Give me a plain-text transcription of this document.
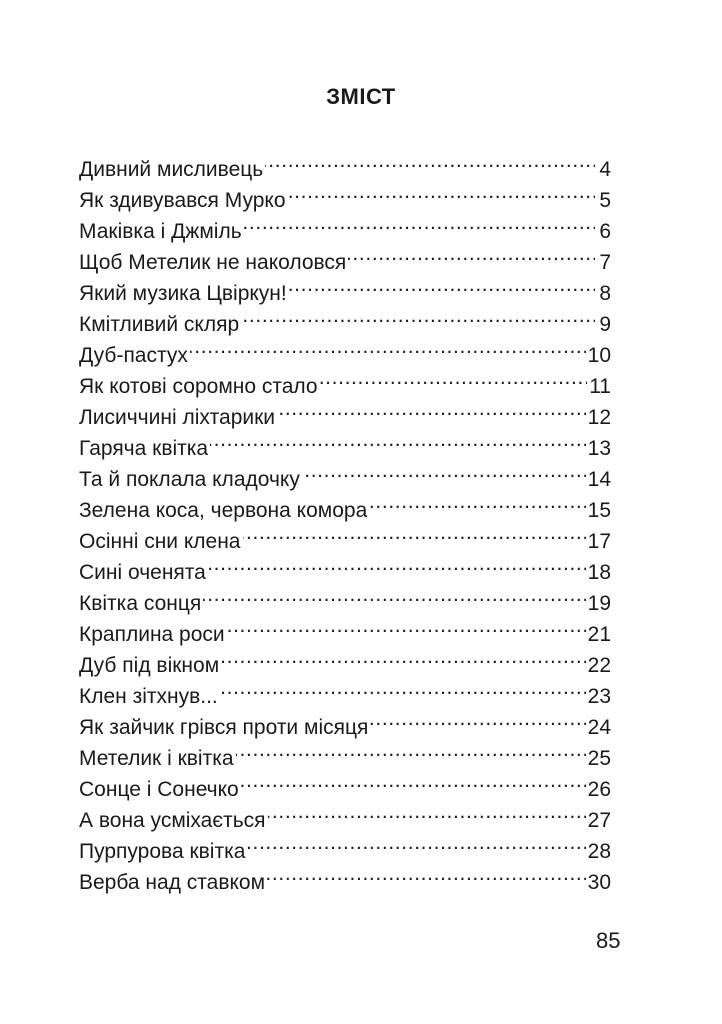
ЗМІСТ
Дивний мисливець . . .	4
Як здивувався Мурко . . .	5
Маківка і Джміль . . .	6
Щоб Метелик не наколовся . . .	7
Який музика Цвіркун! . . .	8
Кмітливий скляр . . .	9
Дуб-пастух . . .	10
Як котові соромно стало . . .	11
Лисиччині ліхтарики . . .	12
Гаряча квітка . . .	13
Та й поклала кладочку . . .	14
Зелена коса, червона комора . . .	15
Осінні сни клена . . .	17
Сині оченята . . .	18
Квітка сонця . . .	19
Краплина роси . . .	21
Дуб під вікном . . .	22
Клен зітхнув... . . .	23
Як зайчик грівся проти місяця . . .	24
Метелик і квітка . . .	25
Сонце і Сонечко . . .	26
А вона усміхається . . .	27
Пурпурова квітка . . .	28
Верба над ставком . . .	30
85
